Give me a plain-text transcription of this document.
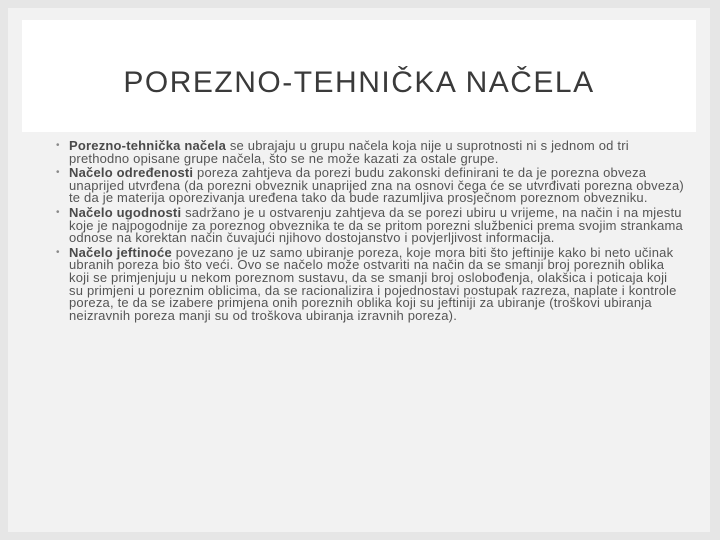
POREZNO-TEHNIČKA NAČELA
• Porezno-tehnička načela se ubrajaju u grupu načela koja nije u suprotnosti ni s jednom od tri prethodno opisane grupe načela, što se ne može kazati za ostale grupe.
• Načelo određenosti poreza zahtjeva da porezi budu zakonski definirani te da je porezna obveza unaprijed utvrđena (da porezni obveznik unaprijed zna na osnovi čega će se utvrđivati porezna obveza) te da je materija oporezivanja uređena tako da bude razumljiva prosječnom poreznom obvezniku.
• Načelo ugodnosti sadržano je u ostvarenju zahtjeva da se porezi ubiru u vrijeme, na način i na mjestu koje je najpogodnije za poreznog obveznika te da se pritom porezni službenici prema svojim strankama odnose na korektan način čuvajući njihovo dostojanstvo i povjerljivost informacija.
• Načelo jeftinoće povezano je uz samo ubiranje poreza, koje mora biti što jeftinije kako bi neto učinak ubranih poreza bio što veći. Ovo se načelo može ostvariti na način da se smanji broj poreznih oblika koji se primjenjuju u nekom poreznom sustavu, da se smanji broj oslobođenja, olakšica i poticaja koji su primjeni u poreznim oblicima, da se racionalizira i pojednostavi postupak razreza, naplate i kontrole poreza, te da se izabere primjena onih poreznih oblika koji su jeftiniji za ubiranje (troškovi ubiranja neizravnih poreza manji su od troškova ubiranja izravnih poreza).
